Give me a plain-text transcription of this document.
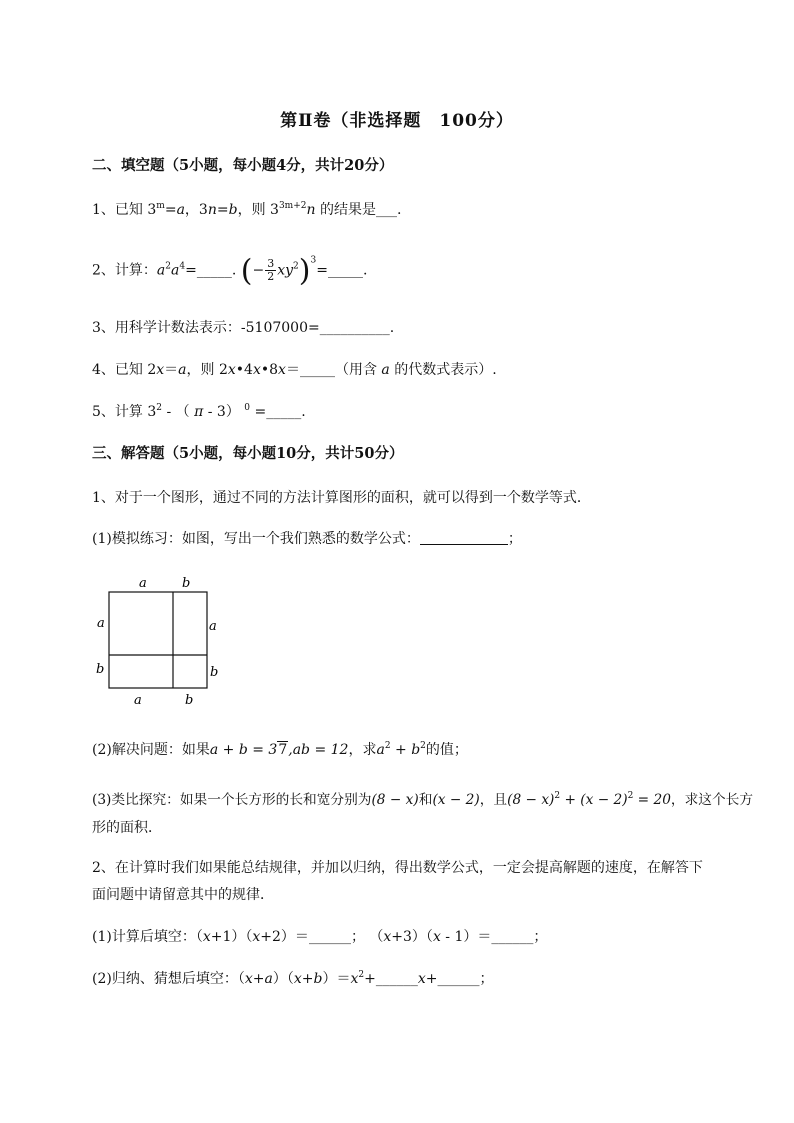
第Ⅱ卷（非选择题　100分）
二、填空题（5小题，每小题4分，共计20分）
1、已知 $3^m=a$，3n=b，则 $3^{3m+2}n$ 的结果是___.
2、计算：$a^2a^4=\_\_\_\_\_$. (− $\frac{3}{2}$ $xy^2)^3=\_\_\_\_\_$.
3、用科学计数法表示：-5107000=__________.
4、已知 2x＝a，则 2x•4x•8x＝_____（用含 a 的代数式表示）.
5、计算 $3^2$ - （ π - 3） $^0$ =_____.
三、解答题（5小题，每小题10分，共计50分）
1、对于一个图形，通过不同的方法计算图形的面积，就可以得到一个数学等式．
(1)模拟练习：如图，写出一个我们熟悉的数学公式：	；
a	b
a
b
a
b
a	b
(2)解决问题：如果a + b = 37,ab = 12，求$a^2 + b^2$的值；
(3)类比探究：如果一个长方形的长和宽分别为(8 − x)和(x − 2)，且$(8 - x)^2 + (x - 2)^2 = 20$，求这个长方
形的面积．
2、在计算时我们如果能总结规律，并加以归纳，得出数学公式，一定会提高解题的速度，在解答下
面问题中请留意其中的规律．
(1)计算后填空：（x+1）（x+2）＝______； （x+3）（x - 1）＝______；
(2)归纳、猜想后填空：$(x+a)(x+b)=x^2+\_\_\_\_\_\_x+\_\_\_\_\_\_$；
